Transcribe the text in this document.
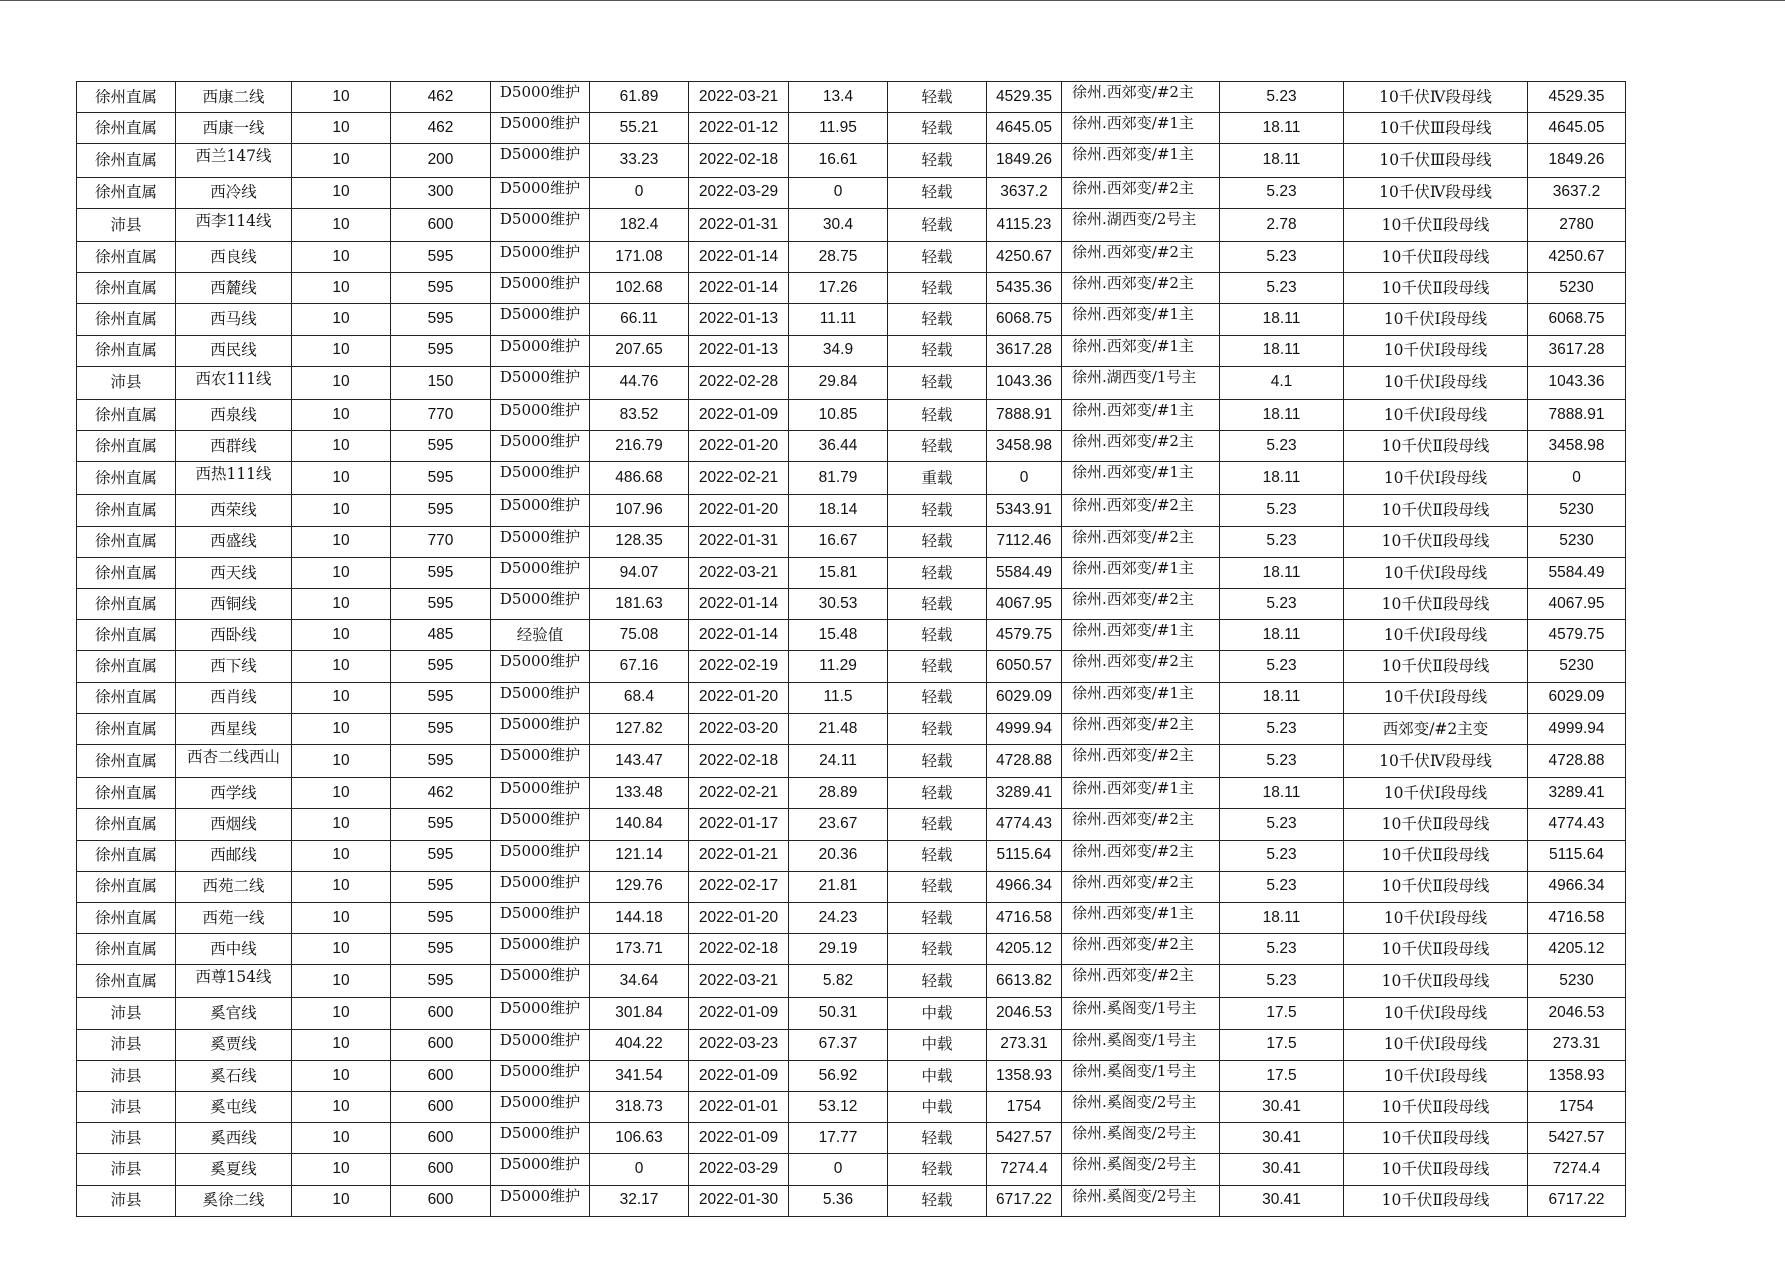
徐州直属	西康二线	10	462	D5000维护	61.89	2022-03-21	13.4	轻载	4529.35	徐州.西郊变/#2主	5.23	10千伏Ⅳ段母线	4529.35
徐州直属	西康一线	10	462	D5000维护	55.21	2022-01-12	11.95	轻载	4645.05	徐州.西郊变/#1主	18.11	10千伏Ⅲ段母线	4645.05
徐州直属	西兰147线	10	200	D5000维护	33.23	2022-02-18	16.61	轻载	1849.26	徐州.西郊变/#1主	18.11	10千伏Ⅲ段母线	1849.26
徐州直属	西冷线	10	300	D5000维护	0	2022-03-29	0	轻载	3637.2	徐州.西郊变/#2主	5.23	10千伏Ⅳ段母线	3637.2
沛县	西李114线	10	600	D5000维护	182.4	2022-01-31	30.4	轻载	4115.23	徐州.湖西变/2号主	2.78	10千伏Ⅱ段母线	2780
徐州直属	西良线	10	595	D5000维护	171.08	2022-01-14	28.75	轻载	4250.67	徐州.西郊变/#2主	5.23	10千伏Ⅱ段母线	4250.67
徐州直属	西麓线	10	595	D5000维护	102.68	2022-01-14	17.26	轻载	5435.36	徐州.西郊变/#2主	5.23	10千伏Ⅱ段母线	5230
徐州直属	西马线	10	595	D5000维护	66.11	2022-01-13	11.11	轻载	6068.75	徐州.西郊变/#1主	18.11	10千伏Ⅰ段母线	6068.75
徐州直属	西民线	10	595	D5000维护	207.65	2022-01-13	34.9	轻载	3617.28	徐州.西郊变/#1主	18.11	10千伏Ⅰ段母线	3617.28
沛县	西农111线	10	150	D5000维护	44.76	2022-02-28	29.84	轻载	1043.36	徐州.湖西变/1号主	4.1	10千伏Ⅰ段母线	1043.36
徐州直属	西泉线	10	770	D5000维护	83.52	2022-01-09	10.85	轻载	7888.91	徐州.西郊变/#1主	18.11	10千伏Ⅰ段母线	7888.91
徐州直属	西群线	10	595	D5000维护	216.79	2022-01-20	36.44	轻载	3458.98	徐州.西郊变/#2主	5.23	10千伏Ⅱ段母线	3458.98
徐州直属	西热111线	10	595	D5000维护	486.68	2022-02-21	81.79	重载	0	徐州.西郊变/#1主	18.11	10千伏Ⅰ段母线	0
徐州直属	西荣线	10	595	D5000维护	107.96	2022-01-20	18.14	轻载	5343.91	徐州.西郊变/#2主	5.23	10千伏Ⅱ段母线	5230
徐州直属	西盛线	10	770	D5000维护	128.35	2022-01-31	16.67	轻载	7112.46	徐州.西郊变/#2主	5.23	10千伏Ⅱ段母线	5230
徐州直属	西天线	10	595	D5000维护	94.07	2022-03-21	15.81	轻载	5584.49	徐州.西郊变/#1主	18.11	10千伏Ⅰ段母线	5584.49
徐州直属	西铜线	10	595	D5000维护	181.63	2022-01-14	30.53	轻载	4067.95	徐州.西郊变/#2主	5.23	10千伏Ⅱ段母线	4067.95
徐州直属	西卧线	10	485	经验值	75.08	2022-01-14	15.48	轻载	4579.75	徐州.西郊变/#1主	18.11	10千伏Ⅰ段母线	4579.75
徐州直属	西下线	10	595	D5000维护	67.16	2022-02-19	11.29	轻载	6050.57	徐州.西郊变/#2主	5.23	10千伏Ⅱ段母线	5230
徐州直属	西肖线	10	595	D5000维护	68.4	2022-01-20	11.5	轻载	6029.09	徐州.西郊变/#1主	18.11	10千伏Ⅰ段母线	6029.09
徐州直属	西星线	10	595	D5000维护	127.82	2022-03-20	21.48	轻载	4999.94	徐州.西郊变/#2主	5.23	西郊变/#2主变	4999.94
徐州直属	西杏二线西山	10	595	D5000维护	143.47	2022-02-18	24.11	轻载	4728.88	徐州.西郊变/#2主	5.23	10千伏Ⅳ段母线	4728.88
徐州直属	西学线	10	462	D5000维护	133.48	2022-02-21	28.89	轻载	3289.41	徐州.西郊变/#1主	18.11	10千伏Ⅰ段母线	3289.41
徐州直属	西烟线	10	595	D5000维护	140.84	2022-01-17	23.67	轻载	4774.43	徐州.西郊变/#2主	5.23	10千伏Ⅱ段母线	4774.43
徐州直属	西邮线	10	595	D5000维护	121.14	2022-01-21	20.36	轻载	5115.64	徐州.西郊变/#2主	5.23	10千伏Ⅱ段母线	5115.64
徐州直属	西苑二线	10	595	D5000维护	129.76	2022-02-17	21.81	轻载	4966.34	徐州.西郊变/#2主	5.23	10千伏Ⅱ段母线	4966.34
徐州直属	西苑一线	10	595	D5000维护	144.18	2022-01-20	24.23	轻载	4716.58	徐州.西郊变/#1主	18.11	10千伏Ⅰ段母线	4716.58
徐州直属	西中线	10	595	D5000维护	173.71	2022-02-18	29.19	轻载	4205.12	徐州.西郊变/#2主	5.23	10千伏Ⅱ段母线	4205.12
徐州直属	西尊154线	10	595	D5000维护	34.64	2022-03-21	5.82	轻载	6613.82	徐州.西郊变/#2主	5.23	10千伏Ⅱ段母线	5230
沛县	奚官线	10	600	D5000维护	301.84	2022-01-09	50.31	中载	2046.53	徐州.奚阁变/1号主	17.5	10千伏Ⅰ段母线	2046.53
沛县	奚贾线	10	600	D5000维护	404.22	2022-03-23	67.37	中载	273.31	徐州.奚阁变/1号主	17.5	10千伏Ⅰ段母线	273.31
沛县	奚石线	10	600	D5000维护	341.54	2022-01-09	56.92	中载	1358.93	徐州.奚阁变/1号主	17.5	10千伏Ⅰ段母线	1358.93
沛县	奚屯线	10	600	D5000维护	318.73	2022-01-01	53.12	中载	1754	徐州.奚阁变/2号主	30.41	10千伏Ⅱ段母线	1754
沛县	奚西线	10	600	D5000维护	106.63	2022-01-09	17.77	轻载	5427.57	徐州.奚阁变/2号主	30.41	10千伏Ⅱ段母线	5427.57
沛县	奚夏线	10	600	D5000维护	0	2022-03-29	0	轻载	7274.4	徐州.奚阁变/2号主	30.41	10千伏Ⅱ段母线	7274.4
沛县	奚徐二线	10	600	D5000维护	32.17	2022-01-30	5.36	轻载	6717.22	徐州.奚阁变/2号主	30.41	10千伏Ⅱ段母线	6717.22
